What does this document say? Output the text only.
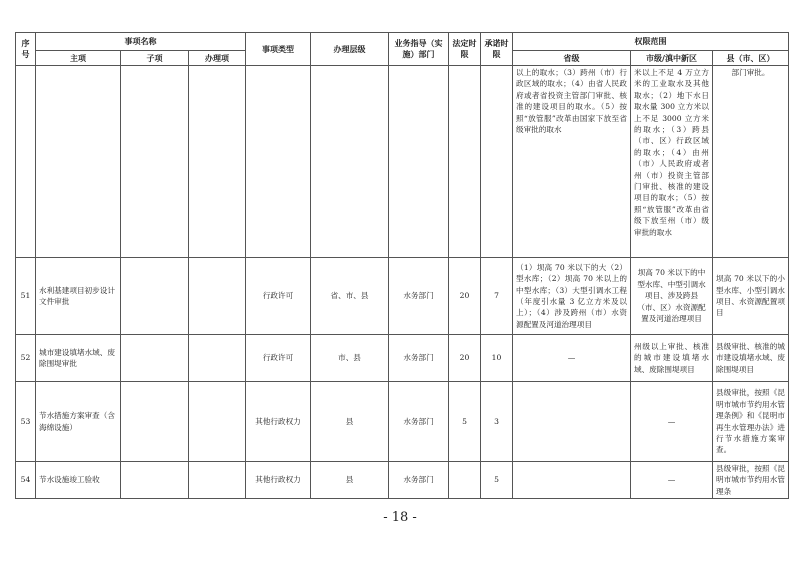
序号	事项名称			事项类型	办理层级	业务指导（实施）部门	法定时限	承诺时限	权限范围		
	主项	子项	办理项						省级	市级/滇中新区	县（市、区）
									以上的取水；（3）跨州（市）行政区域的取水；（4）由省人民政府或者省投资主管部门审批、核准的建设项目的取水。（5）按照“放管服”改革由国家下放至省级审批的取水	米以上不足 4 万立方米的工业取水及其他取水；（2）地下水日取水量 300 立方米以上不足 3000 立方米的取水；（3）跨县（市、区）行政区域的取水；（4）由州（市）人民政府或者州（市）投资主管部门审批、核准的建设项目的取水；（5）按照“放管服”改革由省级下放至州（市）级审批的取水	部门审批。
51	水利基建项目初步设计文件审批			行政许可	省、市、县	水务部门	20	7	（1）坝高 70 米以下的大（2）型水库；（2）坝高 70 米以上的中型水库；（3）大型引调水工程（年度引水量 3 亿立方米及以上）；（4）涉及跨州（市）水资源配置及河道治理项目	坝高 70 米以下的中型水库、中型引调水项目、涉及跨县（市、区）水资源配置及河道治理项目	坝高 70 米以下的小型水库、小型引调水项目、水资源配置项目
52	城市建设填堵水域、废除围堤审批			行政许可	市、县	水务部门	20	10	—	州级以上审批、核准的城市建设填堵水域、废除围堤项目	县级审批、核准的城市建设填堵水域、废除围堤项目
53	节水措施方案审查（含海绵设施）			其他行政权力	县	水务部门	5	3		—	县级审批，按照《昆明市城市节约用水管理条例》和《昆明市再生水管理办法》进行节水措施方案审查。
54	节水设施竣工验收			其他行政权力	县	水务部门		5		—	县级审批，按照《昆明市城市节约用水管理条
- 18 -
